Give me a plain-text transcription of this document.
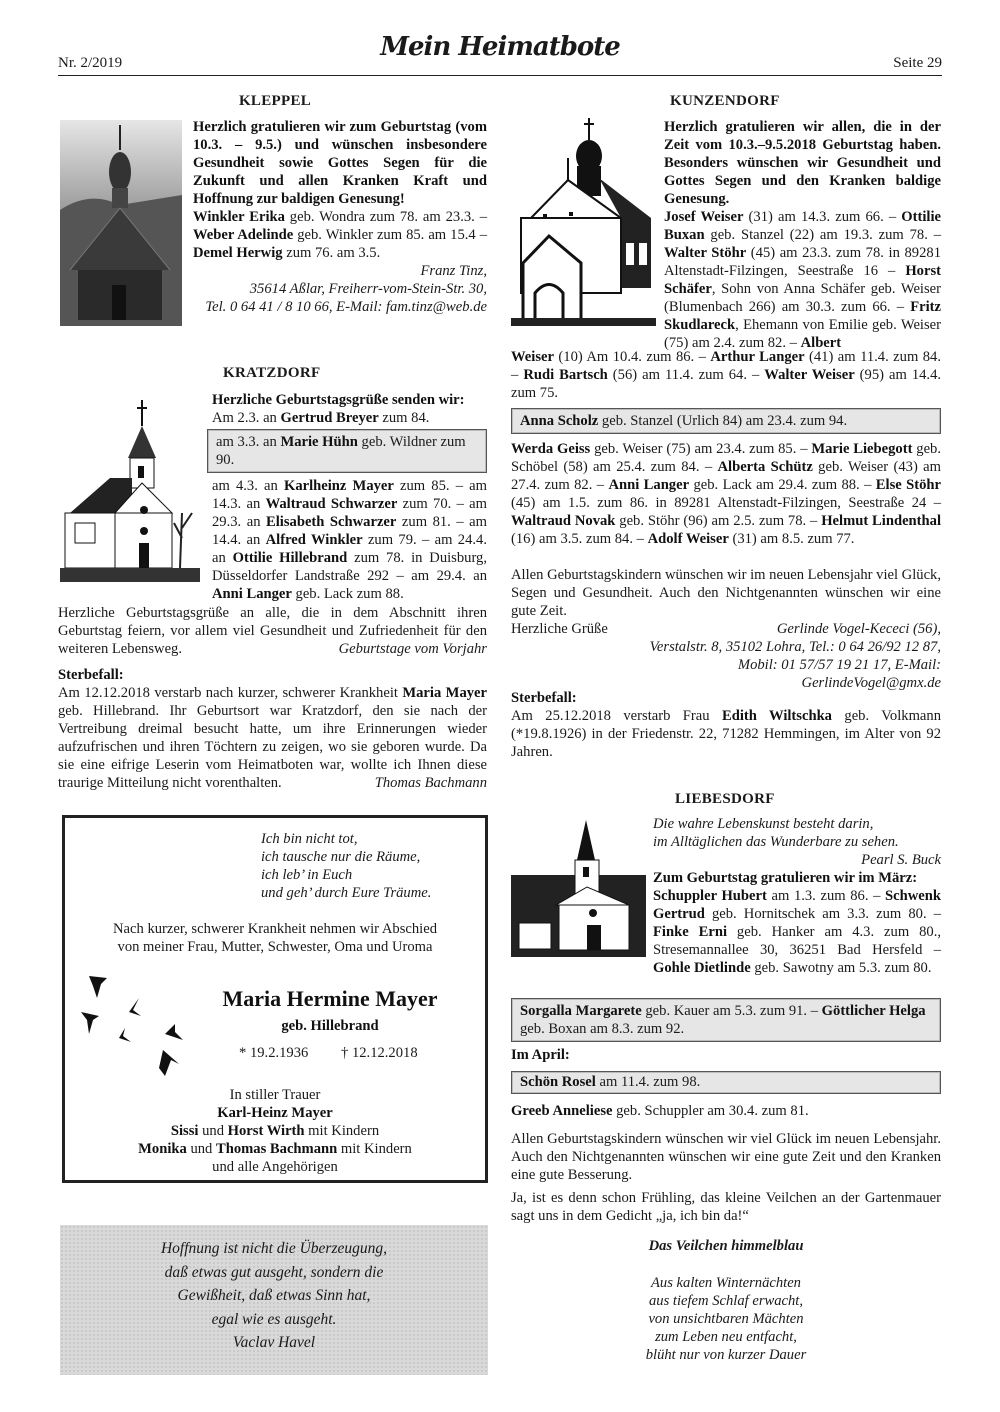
Nr. 2/2019
Mein Heimatbote
Seite 29
KLEPPEL
Herzlich gratulieren wir zum Geburtstag (vom 10.3. – 9.5.) und wünschen insbesondere Gesundheit sowie Gottes Segen für die Zukunft und allen Kranken Kraft und Hoffnung zur baldigen Genesung!
Winkler Erika geb. Wondra zum 78. am 23.3. – Weber Adelinde geb. Winkler zum 85. am 15.4 – Demel Herwig zum 76. am 3.5.

Franz Tinz,

35614 Aßlar, Freiherr-vom-Stein-Str. 30,

Tel. 0 64 41 / 8 10 66, E-Mail: fam.tinz@web.de

KRATZDORF
Herzliche Geburtstagsgrüße senden wir:
Am 2.3. an Gertrud Breyer zum 84.
am 3.3. an Marie Hühn geb. Wildner zum 90.
am 4.3. an Karlheinz Mayer zum 85. – am 14.3. an Waltraud Schwarzer zum 70. – am 29.3. an Elisabeth Schwarzer zum 81. – am 14.4. an Alfred Winkler zum 79. – am 24.4. an Ottilie Hillebrand zum 78. in Duisburg, Düsseldorfer Landstraße 292 – am 29.4. an Anni Langer geb. Lack zum 88.
Herzliche Geburtstagsgrüße an alle, die in dem Abschnitt ihren Geburtstag feiern, vor allem viel Gesundheit und Zufriedenheit für den weiteren Lebensweg.	Geburtstage vom Vorjahr
Sterbefall:
Am 12.12.2018 verstarb nach kurzer, schwerer Krankheit Maria Mayer geb. Hillebrand. Ihr Geburtsort war Kratzdorf, den sie nach der Vertreibung dreimal besucht hatte, um ihre Erinnerungen wieder aufzufrischen und ihren Töchtern zu zeigen, wo sie geboren wurde. Da sie eine eifrige Leserin vom Heimatboten war, wollte ich Ihnen diese traurige Mitteilung nicht vorenthalten.	Thomas Bachmann

Ich bin nicht tot,

ich tausche nur die Räume,

ich leb’ in Euch

und geh’ durch Eure Träume.

Nach kurzer, schwerer Krankheit nehmen wir Abschied

von meiner Frau, Mutter, Schwester, Oma und Uroma

Maria Hermine Mayer
geb. Hillebrand
* 19.2.1936 † 12.12.2018

In stiller Trauer

Karl-Heinz Mayer

Sissi und Horst Wirth mit Kindern

Monika und Thomas Bachmann mit Kindern

und alle Angehörigen

Hoffnung ist nicht die Überzeugung,

daß etwas gut ausgeht, sondern die

Gewißheit, daß etwas Sinn hat,

egal wie es ausgeht.

Vaclav Havel

KUNZENDORF
Herzlich gratulieren wir allen, die in der Zeit vom 10.3.–9.5.2018 Geburtstag haben. Besonders wünschen wir Gesundheit und Gottes Segen und den Kranken baldige Genesung.
Josef Weiser (31) am 14.3. zum 66. – Ottilie Buxan geb. Stanzel (22) am 19.3. zum 78. – Walter Stöhr (45) am 23.3. zum 78. in 89281 Altenstadt-Filzingen, Seestraße 16 – Horst Schäfer, Sohn von Anna Schäfer geb. Weiser (Blumenbach 266) am 30.3. zum 66. – Fritz Skudlareck, Ehemann von Emilie geb. Weiser (75) am 2.4. zum 82. – Albert
Weiser (10) Am 10.4. zum 86. – Arthur Langer (41) am 11.4. zum 84. – Rudi Bartsch (56) am 11.4. zum 64. – Walter Weiser (95) am 14.4. zum 75.
Anna Scholz geb. Stanzel (Urlich 84) am 23.4. zum 94.
Werda Geiss geb. Weiser (75) am 23.4. zum 85. – Marie Liebegott geb. Schöbel (58) am 25.4. zum 84. – Alberta Schütz geb. Weiser (43) am 27.4. zum 82. – Anni Langer geb. Lack am 29.4. zum 88. – Else Stöhr (45) am 1.5. zum 86. in 89281 Altenstadt-Filzingen, Seestraße 24 – Waltraud Novak geb. Stöhr (96) am 2.5. zum 78. – Helmut Lindenthal (16) am 3.5. zum 84. – Adolf Weiser (31) am 8.5. zum 77.
Allen Geburtstagskindern wünschen wir im neuen Lebensjahr viel Glück, Segen und Gesundheit. Auch den Nichtgenannten wünschen wir eine gute Zeit.
Herzliche Grüße	Gerlinde Vogel-Kececi (56),

Verstalstr. 8, 35102 Lohra, Tel.: 0 64 26/92 12 87,

Mobil: 01 57/57 19 21 17, E-Mail: GerlindeVogel@gmx.de

Sterbefall:
Am 25.12.2018 verstarb Frau Edith Wiltschka geb. Volkmann (*19.8.1926) in der Friedenstr. 22, 71282 Hemmingen, im Alter von 92 Jahren.
LIEBESDORF

Die wahre Lebenskunst besteht darin,

im Alltäglichen das Wunderbare zu sehen.

Pearl S. Buck

Zum Geburtstag gratulieren wir im März:
Schuppler Hubert am 1.3. zum 86. – Schwenk Gertrud geb. Hornitschek am 3.3. zum 80. – Finke Erni geb. Hanker am 4.3. zum 80., Stresemannallee 30, 36251 Bad Hersfeld – Gohle Dietlinde geb. Sawotny am 5.3. zum 80.
Sorgalla Margarete geb. Kauer am 5.3. zum 91. – Göttlicher Helga geb. Boxan am 8.3. zum 92.
Im April:
Schön Rosel am 11.4. zum 98.
Greeb Anneliese geb. Schuppler am 30.4. zum 81.
Allen Geburtstagskindern wünschen wir viel Glück im neuen Lebensjahr. Auch den Nichtgenannten wünschen wir eine gute Zeit und den Kranken eine gute Besserung.
Ja, ist es denn schon Frühling, das kleine Veilchen an der Gartenmauer sagt uns in dem Gedicht „ja, ich bin da!“
Das Veilchen himmelblau

Aus kalten Winternächten

aus tiefem Schlaf erwacht,

von unsichtbaren Mächten

zum Leben neu entfacht,

blüht nur von kurzer Dauer
